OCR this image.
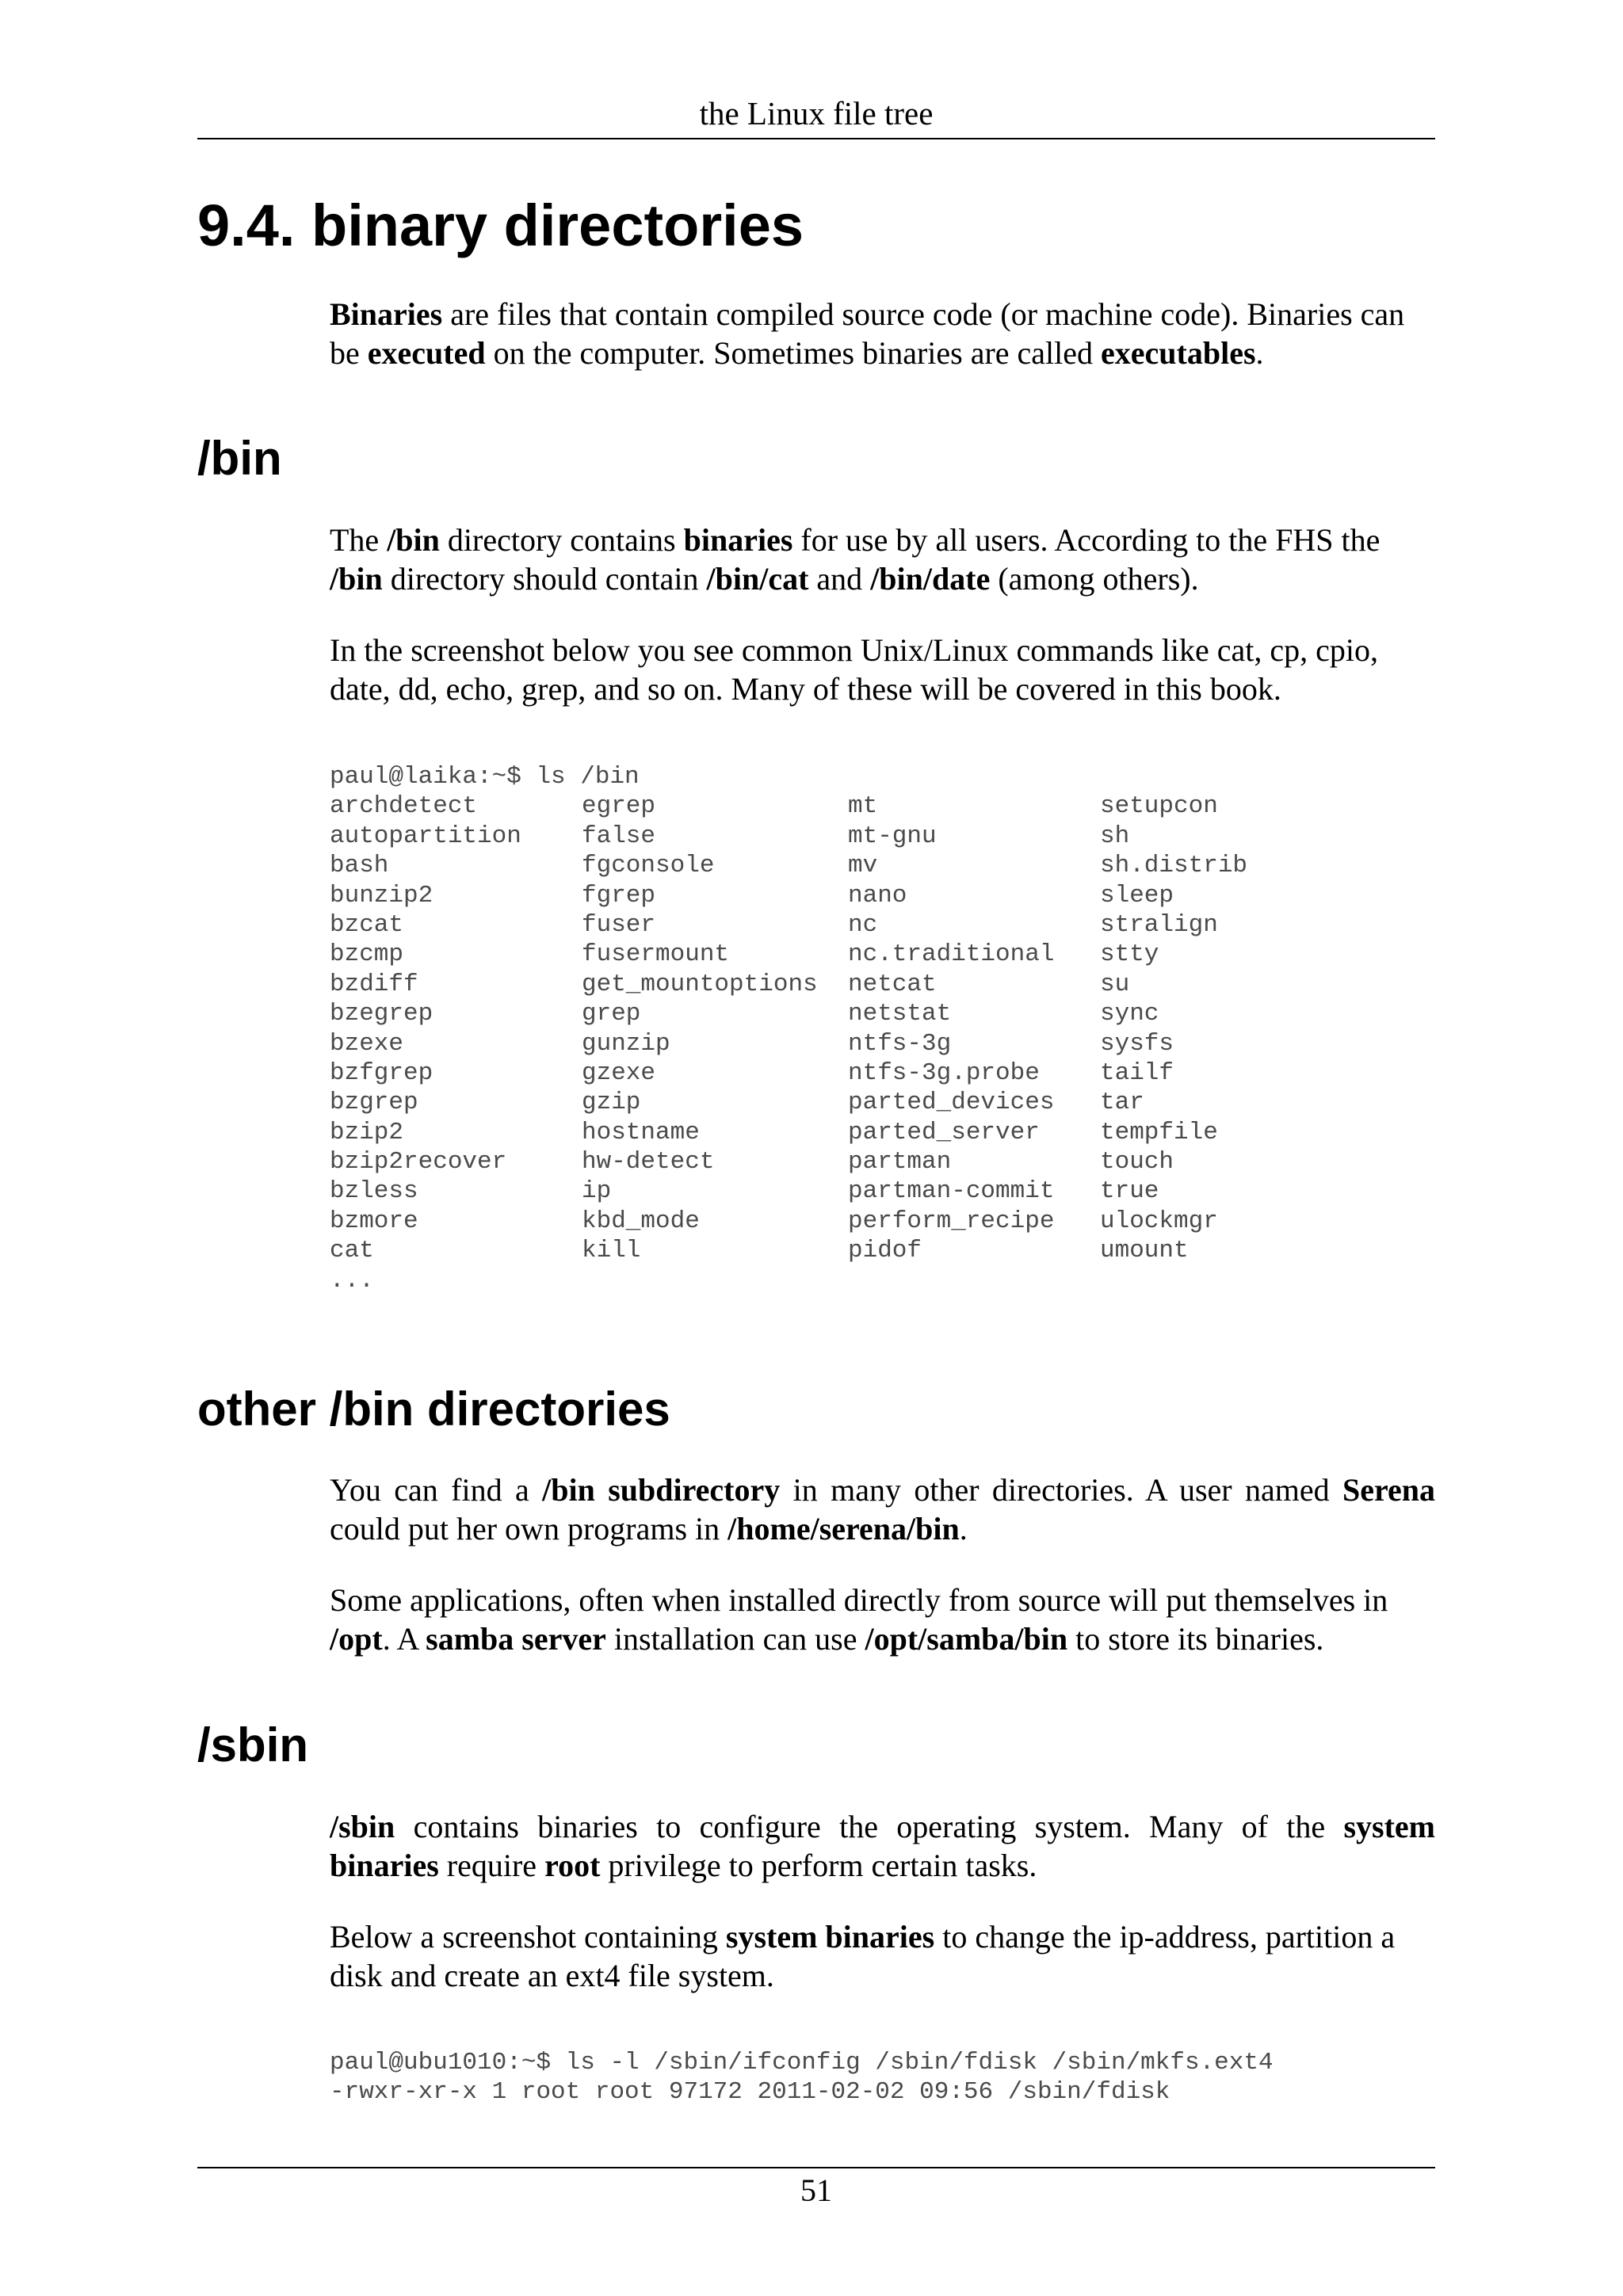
the Linux file tree
9.4. binary directories

Binaries are files that contain compiled source code (or machine code). Binaries can be executed on the computer. Sometimes binaries are called executables.

/bin

The /bin directory contains binaries for use by all users. According to the FHS the /bin directory should contain /bin/cat and /bin/date (among others).

In the screenshot below you see common Unix/Linux commands like cat, cp, cpio, date, dd, echo, grep, and so on. Many of these will be covered in this book.

paul@laika:~$ ls /bin
archdetect	egrep	mt	setupcon
autopartition	false	mt-gnu	sh
bash	fgconsole	mv	sh.distrib
bunzip2	fgrep	nano	sleep
bzcat	fuser	nc	stralign
bzcmp	fusermount	nc.traditional	stty
bzdiff	get_mountoptions	netcat	su
bzegrep	grep	netstat	sync
bzexe	gunzip	ntfs-3g	sysfs
bzfgrep	gzexe	ntfs-3g.probe	tailf
bzgrep	gzip	parted_devices	tar
bzip2	hostname	parted_server	tempfile
bzip2recover	hw-detect	partman	touch
bzless	ip	partman-commit	true
bzmore	kbd_mode	perform_recipe	ulockmgr
cat	kill	pidof	umount
...
other /bin directories

You can find a /bin subdirectory in many other directories. A user named Serena could put her own programs in /home/serena/bin.

Some applications, often when installed directly from source will put themselves in /opt. A samba server installation can use /opt/samba/bin to store its binaries.

/sbin

/sbin contains binaries to configure the operating system. Many of the system binaries require root privilege to perform certain tasks.

Below a screenshot containing system binaries to change the ip-address, partition a disk and create an ext4 file system.

paul@ubu1010:~$ ls -l /sbin/ifconfig /sbin/fdisk /sbin/mkfs.ext4
-rwxr-xr-x 1 root root 97172 2011-02-02 09:56 /sbin/fdisk
51
